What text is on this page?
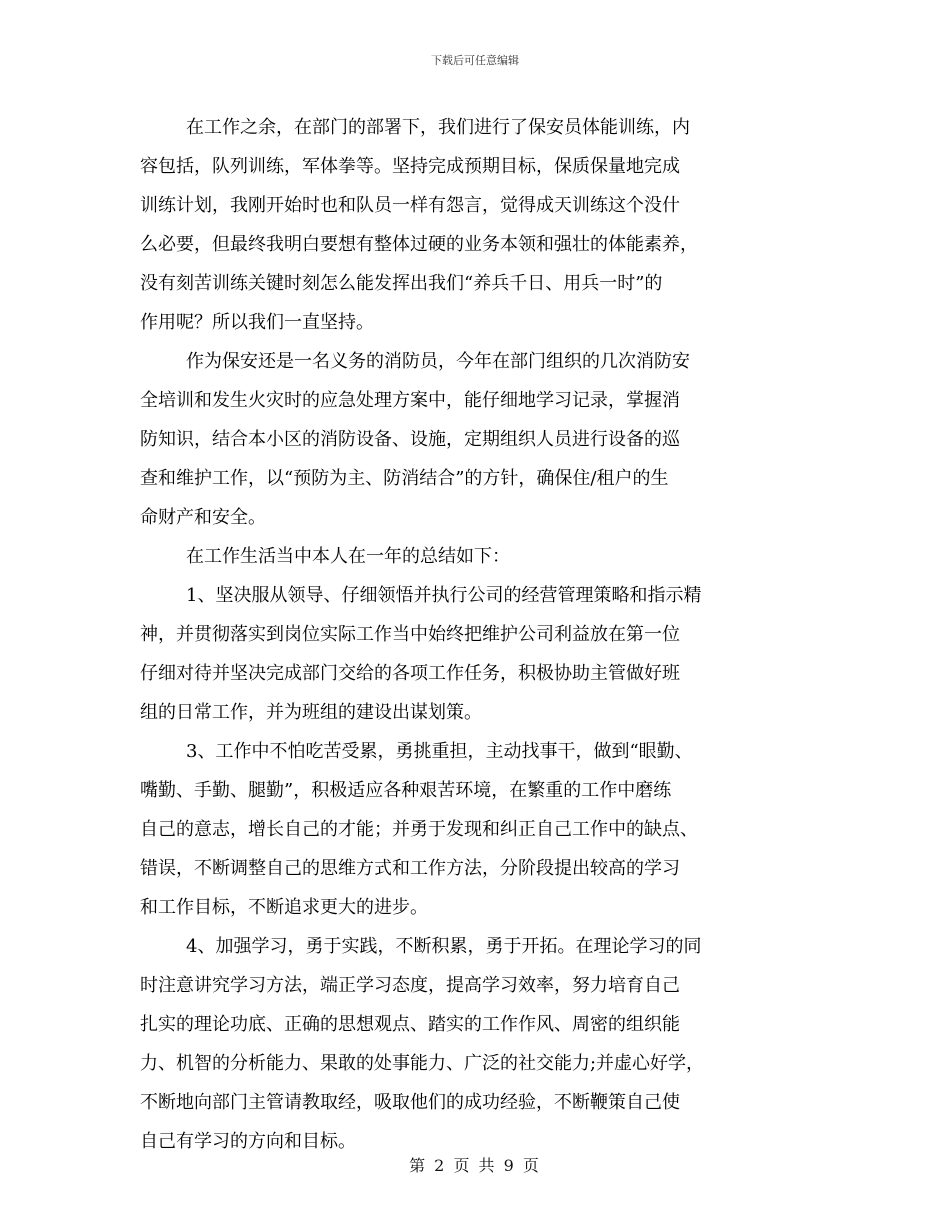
下载后可任意编辑
在工作之余，在部门的部署下，我们进行了保安员体能训练，内
容包括，队列训练，军体拳等。坚持完成预期目标，保质保量地完成
训练计划，我刚开始时也和队员一样有怨言，觉得成天训练这个没什
么必要，但最终我明白要想有整体过硬的业务本领和强壮的体能素养，
没有刻苦训练关键时刻怎么能发挥出我们“养兵千日、用兵一时”的
作用呢？所以我们一直坚持。
作为保安还是一名义务的消防员，今年在部门组织的几次消防安
全培训和发生火灾时的应急处理方案中，能仔细地学习记录，掌握消
防知识，结合本小区的消防设备、设施，定期组织人员进行设备的巡
查和维护工作，以“预防为主、防消结合”的方针，确保住/租户的生
命财产和安全。
在工作生活当中本人在一年的总结如下：
1、坚决服从领导、仔细领悟并执行公司的经营管理策略和指示精
神，并贯彻落实到岗位实际工作当中始终把维护公司利益放在第一位
仔细对待并坚决完成部门交给的各项工作任务，积极协助主管做好班
组的日常工作，并为班组的建设出谋划策。
3、工作中不怕吃苦受累，勇挑重担，主动找事干，做到“眼勤、
嘴勤、手勤、腿勤”，积极适应各种艰苦环境，在繁重的工作中磨练
自己的意志，增长自己的才能；并勇于发现和纠正自己工作中的缺点、
错误，不断调整自己的思维方式和工作方法，分阶段提出较高的学习
和工作目标，不断追求更大的进步。
4、加强学习，勇于实践，不断积累，勇于开拓。在理论学习的同
时注意讲究学习方法，端正学习态度，提高学习效率，努力培育自己
扎实的理论功底、正确的思想观点、踏实的工作作风、周密的组织能
力、机智的分析能力、果敢的处事能力、广泛的社交能力;并虚心好学，
不断地向部门主管请教取经，吸取他们的成功经验，不断鞭策自己使
自己有学习的方向和目标。
第 2 页 共 9 页
